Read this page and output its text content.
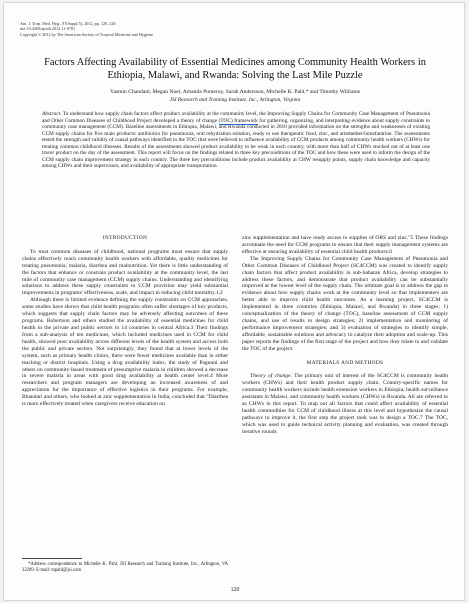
Am. J. Trop. Med. Hyg., 87(Suppl 5), 2012, pp. 120–126
doi:10.4269/ajtmh.2012.11-0781
Copyright © 2012 by The American Society of Tropical Medicine and Hygiene
Factors Affecting Availability of Essential Medicines among Community Health Workers in Ethiopia, Malawi, and Rwanda: Solving the Last Mile Puzzle
Yasmin Chandani, Megan Noel, Amanda Pomeroy, Sarah Andersson, Michelle K. Pahl,* and Timothy Williams
JSI Research and Training Institute, Inc., Arlington, Virginia

Abstract. To understand how supply chain factors affect product availability at the community level, the Improving Supply Chains for Community Case Management of Pneumonia and Other Common Diseases of Childhood Project developed a theory of change (TOC) framework for gathering, organizing, and interpreting evidence about supply constraints to community case management (CCM). Baseline assessments in Ethiopia, Malawi, and Rwanda conducted in 2010 provided information on the strengths and weaknesses of existing CCM supply chains for five main products: antibiotics for pneumonia, oral rehydration solution, ready to use therapeutic food, zinc, and artemether/lumefantrine. The assessments tested the strength and validity of causal pathways identified in the TOC that were believed to influence availability of CCM products among community health workers (CHWs) for treating common childhood illnesses. Results of the assessments showed product availability to be weak in each country, with more than half of CHWs stocked out of at least one tracer product on the day of the assessment. This report will focus on the findings related to three key preconditions of the TOC and how these were used to inform the design of the CCM supply chain improvement strategy in each country. The three key preconditions include product availability at CHW resupply points, supply chain knowledge and capacity among CHWs and their supervisors, and availability of appropriate transportation.

INTRODUCTION

To treat common diseases of childhood, national programs must ensure that supply chains effectively reach community health workers with affordable, quality medicines for treating pneumonia, malaria, diarrhea and malnutrition. Yet there is little understanding of the factors that enhance or constrain product availability at the community level, the last mile of community case management (CCM) supply chains. Understanding and identifying solutions to address these supply constraints to CCM provision may yield substantial improvements in programs' effectiveness, scale, and impact in reducing child mortality.1,2

Although there is limited evidence defining the supply constraints on CCM approaches, some studies have shown that child health programs often suffer shortages of key products, which suggests that supply chain factors may be adversely affecting outcomes of these programs. Robertson and others studied the availability of essential medicines for child health in the private and public sectors in 14 countries in central Africa.3 Their findings from a sub-analysis of ten medicines, which included medicines used in CCM for child health, showed poor availability across different levels of the health system and access both the public and private sectors. Not surprisingly, they found that at lower levels of the system, such as primary health clinics, there were fewer medicines available than in either teaching or district hospitals. Using a drug availability index, the study of Pagnoni and others on community-based treatment of presumptive malaria in children showed a decrease in severe malaria in areas with good drug availability at health center level.4 More researchers and program managers are developing an increased awareness of and appreciation for the importance of effective logistics in their programs. For example, Bhandari and others, who looked at zinc supplementation in India, concluded that "Diarrhea is more effectively treated when caregivers receive education on

zinc supplementation and have ready access to supplies of ORS and zinc."5 These findings accentuate the need for CCM programs to ensure that their supply management systems are effective at ensuring availability of essential child health products.6

The Improving Supply Chains for Community Case Management of Pneumonia and Other Common Diseases of Childhood Project (SC4CCM) was created to identify supply chain factors that affect product availability in sub-Saharan Africa, develop strategies to address these factors, and demonstrate that product availability can be substantially improved at the lowest level of the supply chain. The ultimate goal is to address the gap in evidence about how supply chains work at the community level so that implementers are better able to improve child health outcomes. As a learning project, SC4CCM is implemented in three countries (Ethiopia, Malawi, and Rwanda) in three stages: 1) conceptualization of the theory of change (TOC), baseline assessment of CCM supply chains, and use of results to design strategies; 2) implementation and monitoring of performance improvement strategies; and 3) evaluation of strategies to identify simple, affordable, sustainable solutions and advocacy to catalyze their adoption and scale-up. This paper reports the findings of the first stage of the project and how they relate to and validate the TOC of the project.

MATERIALS AND METHODS

Theory of change. The primary unit of interest of the SC4CCM is community health workers (CHWs) and their health product supply chain. Country-specific names for community health workers include health extension workers in Ethiopia, health surveillance assistants in Malawi, and community health workers (CHWs) in Rwanda. All are referred to as CHWs in this report. To map out all factors that could affect availability of essential health commodities for CCM of childhood illness at this level and hypothesize the causal pathways to improve it, the first step the project took was to design a TOC.7 The TOC, which was used to guide technical activity planning and evaluation, was created through iterative rounds

*Address correspondence to Michelle K. Pahl, JSI Research and Training Institute, Inc., Arlington, VA 22209. E-mail: mpahl@jsi.com

120
